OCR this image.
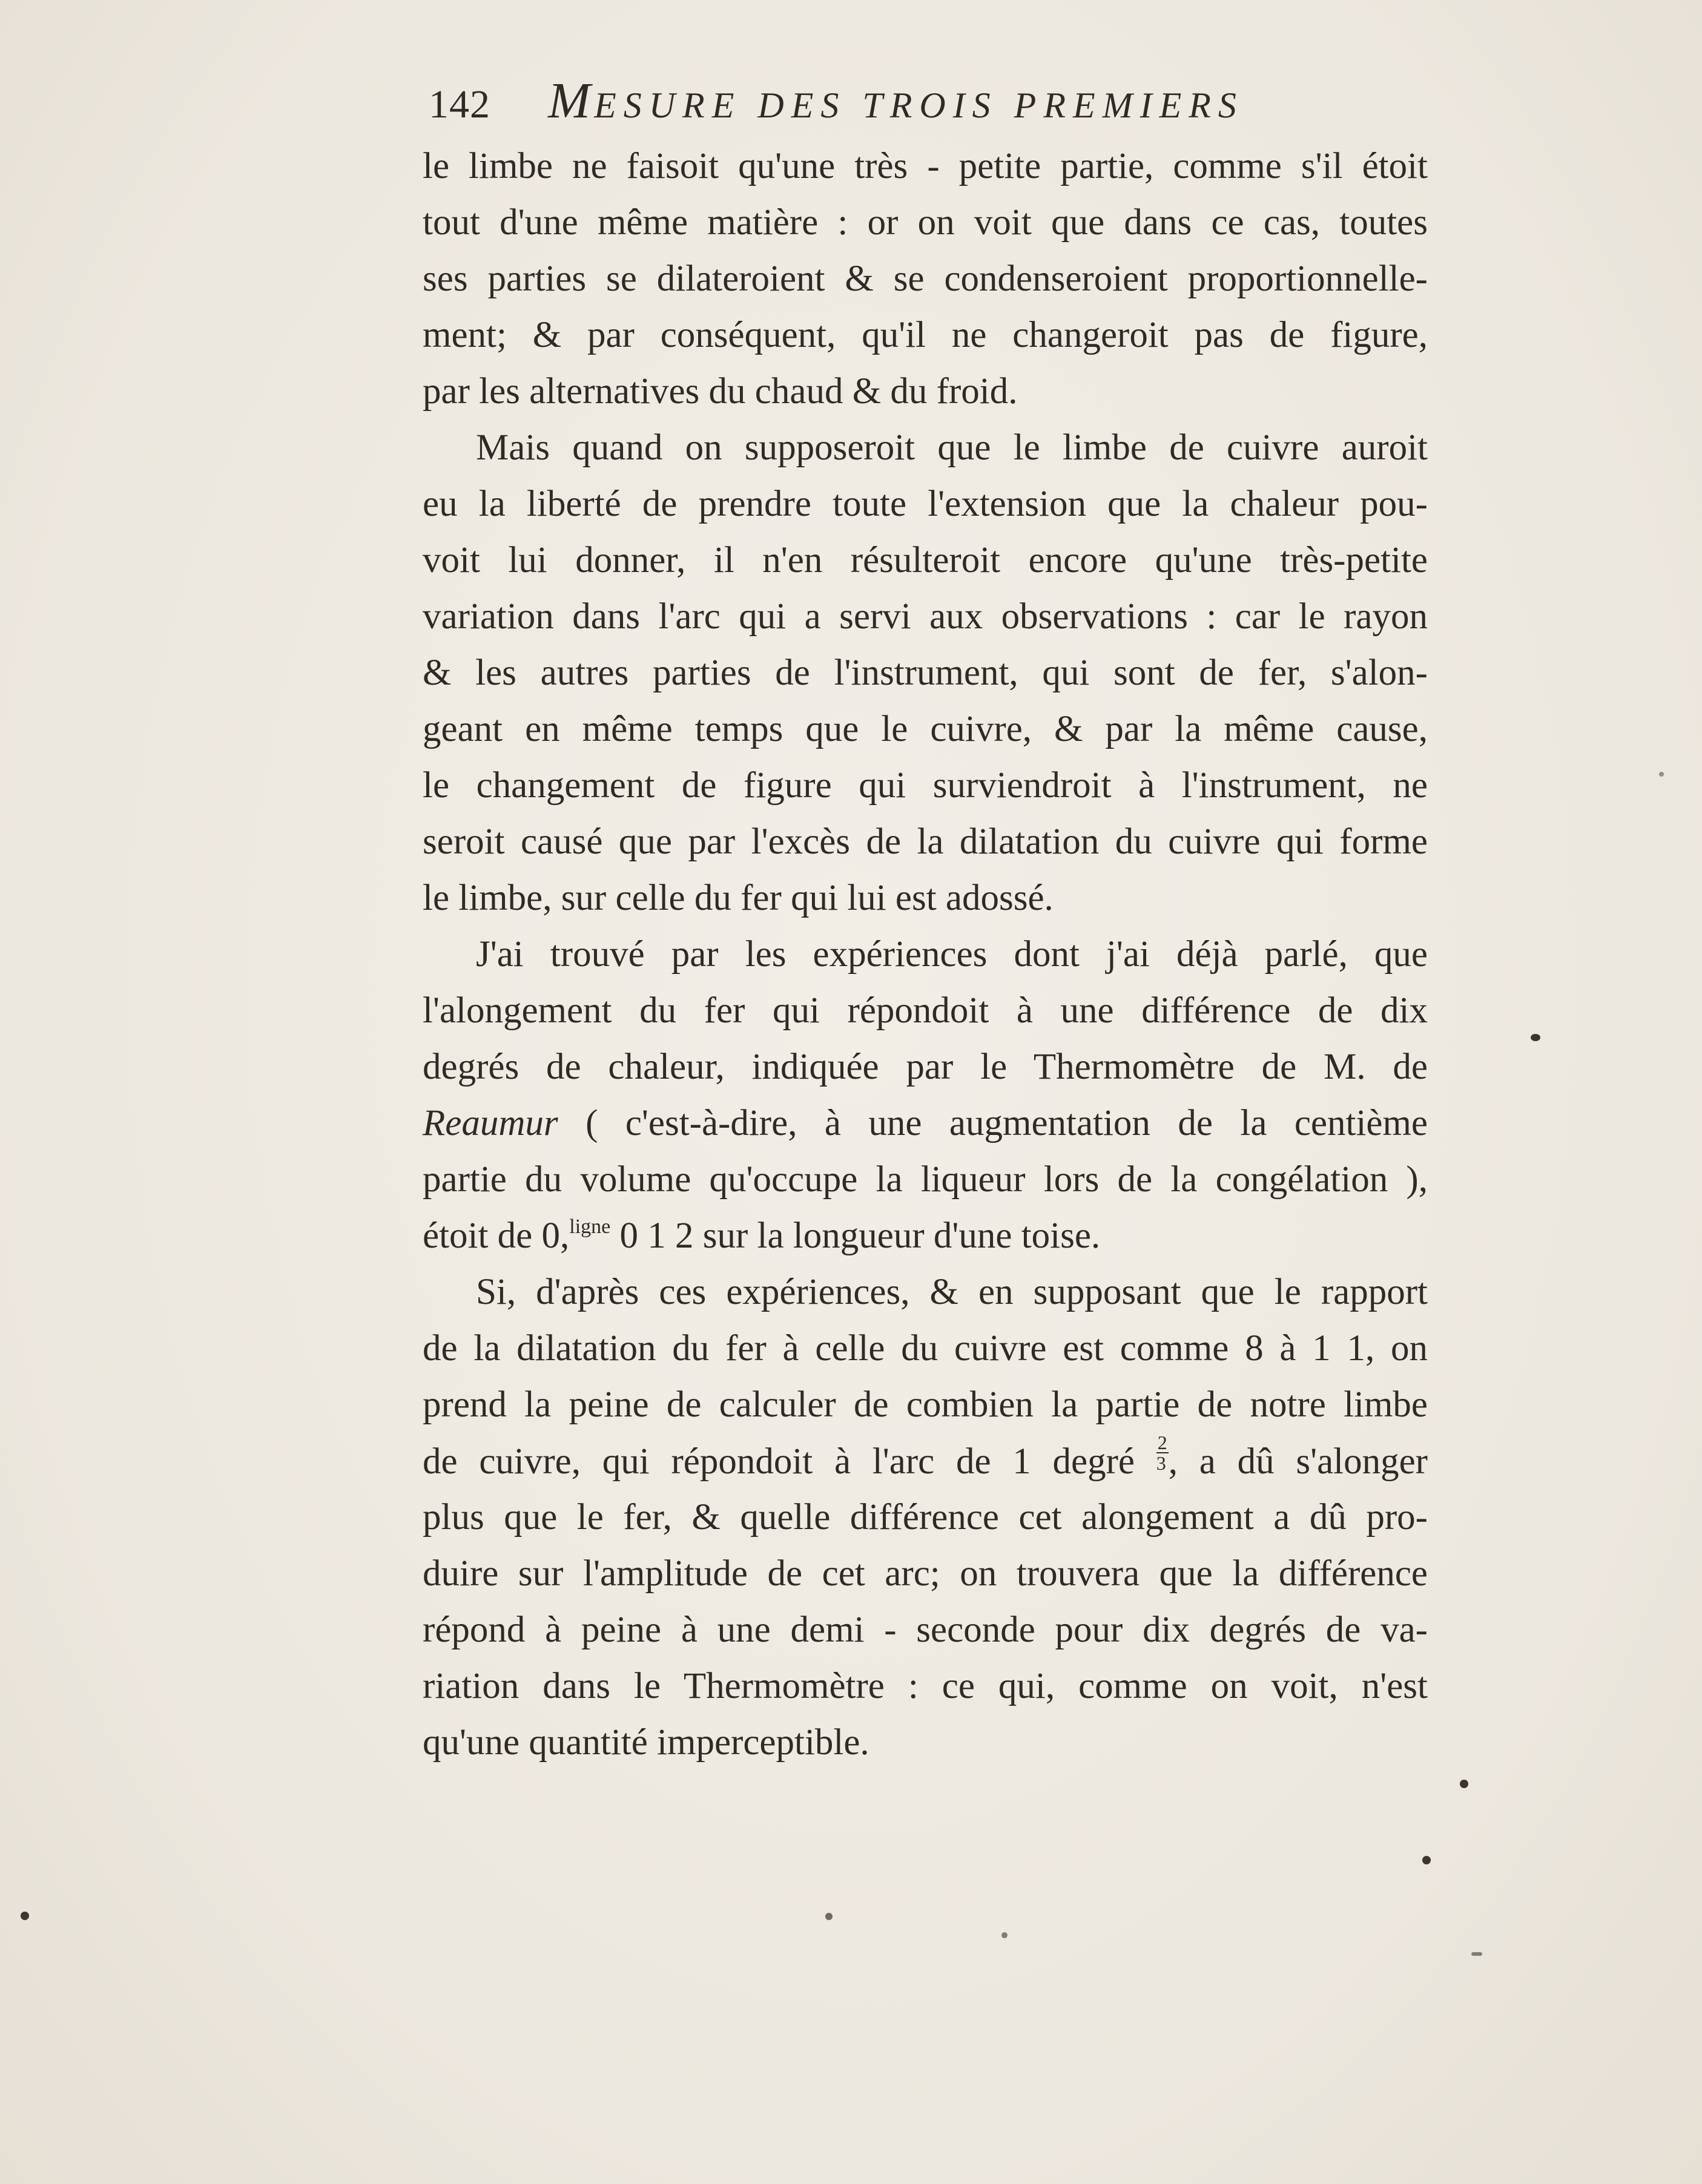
142 MESURE DES TROIS PREMIERS
le limbe ne faisoit qu'une très - petite partie, comme s'il étoit
tout d'une même matière : or on voit que dans ce cas, toutes
ses parties se dilateroient & se condenseroient proportionnelle-
ment; & par conséquent, qu'il ne changeroit pas de figure,
par les alternatives du chaud & du froid.
Mais quand on supposeroit que le limbe de cuivre auroit
eu la liberté de prendre toute l'extension que la chaleur pou-
voit lui donner, il n'en résulteroit encore qu'une très-petite
variation dans l'arc qui a servi aux observations : car le rayon
& les autres parties de l'instrument, qui sont de fer, s'alon-
geant en même temps que le cuivre, & par la même cause,
le changement de figure qui surviendroit à l'instrument, ne
seroit causé que par l'excès de la dilatation du cuivre qui forme
le limbe, sur celle du fer qui lui est adossé.
J'ai trouvé par les expériences dont j'ai déjà parlé, que
l'alongement du fer qui répondoit à une différence de dix
degrés de chaleur, indiquée par le Thermomètre de M. de
Reaumur ( c'est-à-dire, à une augmentation de la centième
partie du volume qu'occupe la liqueur lors de la congélation ),
étoit de 0,$^{ligne}$ 0 1 2 sur la longueur d'une toise.
Si, d'après ces expériences, & en supposant que le rapport
de la dilatation du fer à celle du cuivre est comme 8 à 1 1, on
prend la peine de calculer de combien la partie de notre limbe
de cuivre, qui répondoit à l'arc de 1 degré $\frac{2}{3}$ , a dû s'alonger
plus que le fer, & quelle différence cet alongement a dû pro-
duire sur l'amplitude de cet arc; on trouvera que la différence
répond à peine à une demi - seconde pour dix degrés de va-
riation dans le Thermomètre : ce qui, comme on voit, n'est
qu'une quantité imperceptible.
